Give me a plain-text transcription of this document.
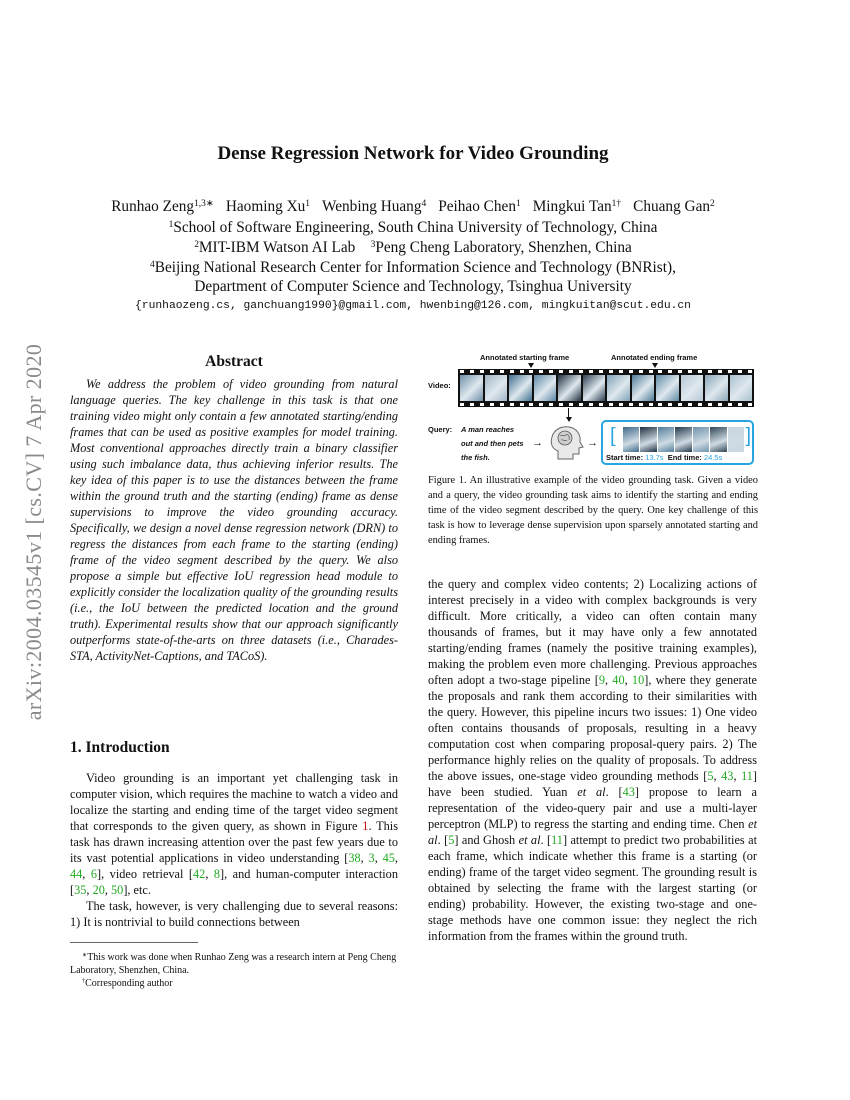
arXiv:2004.03545v1 [cs.CV] 7 Apr 2020
Dense Regression Network for Video Grounding
Runhao Zeng$^{1,3∗}$ Haoming Xu$^1$ Wenbing Huang$^4$ Peihao Chen$^1$ Mingkui Tan$^{1\dagger}$ Chuang Gan$^2$
$^1$School of Software Engineering, South China University of Technology, China
$^2$MIT-IBM Watson AI Lab $^3$Peng Cheng Laboratory, Shenzhen, China
$^4$Beijing National Research Center for Information Science and Technology (BNRist),
Department of Computer Science and Technology, Tsinghua University
{runhaozeng.cs, ganchuang1990}@gmail.com, hwenbing@126.com, mingkuitan@scut.edu.cn
Abstract
We address the problem of video grounding from natural language queries. The key challenge in this task is that one training video might only contain a few annotated starting/ending frames that can be used as positive examples for model training. Most conventional approaches directly train a binary classifier using such imbalance data, thus achieving inferior results. The key idea of this paper is to use the distances between the frame within the ground truth and the starting (ending) frame as dense supervisions to improve the video grounding accuracy. Specifically, we design a novel dense regression network (DRN) to regress the distances from each frame to the starting (ending) frame of the video segment described by the query. We also propose a simple but effective IoU regression head module to explicitly consider the localization quality of the grounding results (i.e., the IoU between the predicted location and the ground truth). Experimental results show that our approach significantly outperforms state-of-the-arts on three datasets (i.e., Charades-STA, ActivityNet-Captions, and TACoS).
1. Introduction
Video grounding is an important yet challenging task in computer vision, which requires the machine to watch a video and localize the starting and ending time of the target video segment that corresponds to the given query, as shown in Figure 1. This task has drawn increasing attention over the past few years due to its vast potential applications in video understanding [38, 3, 45, 44, 6], video retrieval [42, 8], and human-computer interaction [35, 20, 50], etc.
The task, however, is very challenging due to several reasons: 1) It is nontrivial to build connections between
∗This work was done when Runhao Zeng was a research intern at Peng Cheng Laboratory, Shenzhen, China.
†Corresponding author
Annotated starting frame	Annotated ending frame
Video:
Query: A man reaches
out and then pets
the fish.
→	→ [	]
Start time: 13.7s End time: 24.5s
Figure 1. An illustrative example of the video grounding task. Given a video and a query, the video grounding task aims to identify the starting and ending time of the video segment described by the query. One key challenge of this task is how to leverage dense supervision upon sparsely annotated starting and ending frames.
the query and complex video contents; 2) Localizing actions of interest precisely in a video with complex backgrounds is very difficult. More critically, a video can often contain many thousands of frames, but it may have only a few annotated starting/ending frames (namely the positive training examples), making the problem even more challenging. Previous approaches often adopt a two-stage pipeline [9, 40, 10], where they generate the proposals and rank them according to their similarities with the query. However, this pipeline incurs two issues: 1) One video often contains thousands of proposals, resulting in a heavy computation cost when comparing proposal-query pairs. 2) The performance highly relies on the quality of proposals. To address the above issues, one-stage video grounding methods [5, 43, 11] have been studied. Yuan et al. [43] propose to learn a representation of the video-query pair and use a multi-layer perceptron (MLP) to regress the starting and ending time. Chen et al. [5] and Ghosh et al. [11] attempt to predict two probabilities at each frame, which indicate whether this frame is a starting (or ending) frame of the target video segment. The grounding result is obtained by selecting the frame with the largest starting (or ending) probability. However, the existing two-stage and one-stage methods have one common issue: they neglect the rich information from the frames within the ground truth.
